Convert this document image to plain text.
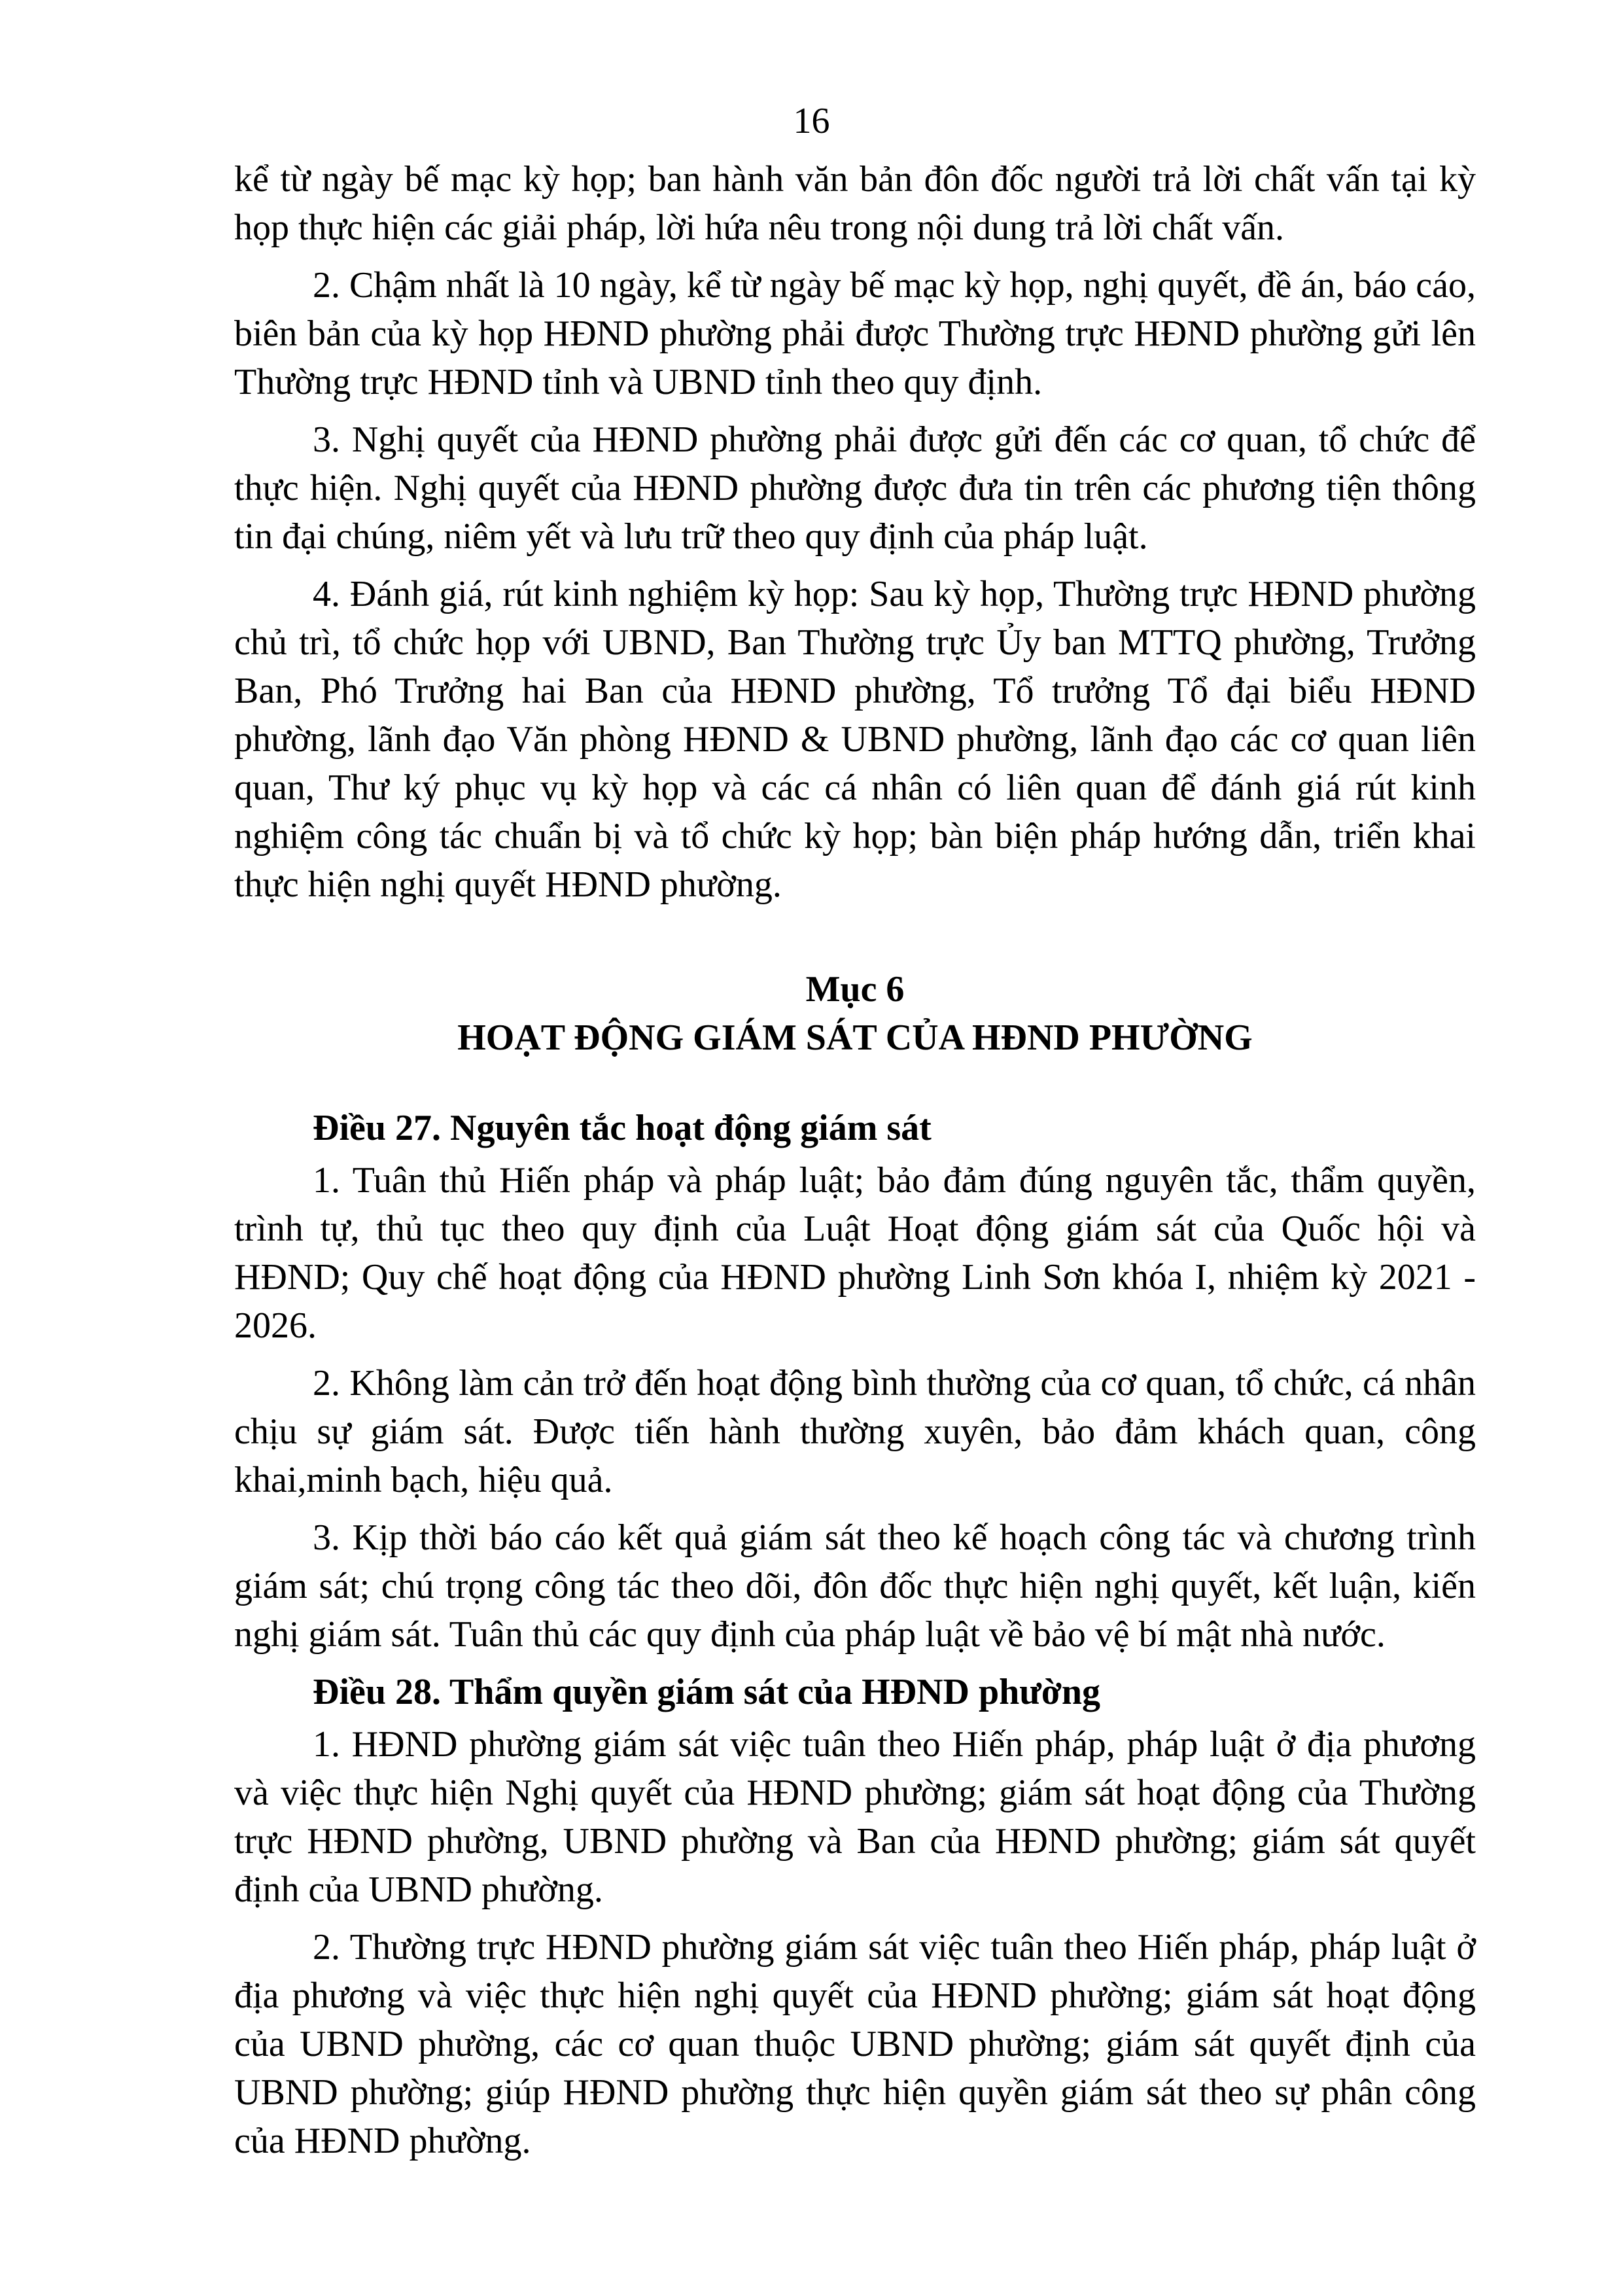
16

kể từ ngày bế mạc kỳ họp; ban hành văn bản đôn đốc người trả lời chất vấn tại kỳ họp thực hiện các giải pháp, lời hứa nêu trong nội dung trả lời chất vấn.

2. Chậm nhất là 10 ngày, kể từ ngày bế mạc kỳ họp, nghị quyết, đề án, báo cáo, biên bản của kỳ họp HĐND phường phải được Thường trực HĐND phường gửi lên Thường trực HĐND tỉnh và UBND tỉnh theo quy định.

3. Nghị quyết của HĐND phường phải được gửi đến các cơ quan, tổ chức để thực hiện. Nghị quyết của HĐND phường được đưa tin trên các phương tiện thông tin đại chúng, niêm yết và lưu trữ theo quy định của pháp luật.

4. Đánh giá, rút kinh nghiệm kỳ họp: Sau kỳ họp, Thường trực HĐND phường chủ trì, tổ chức họp với UBND, Ban Thường trực Ủy ban MTTQ phường, Trưởng Ban, Phó Trưởng hai Ban của HĐND phường, Tổ trưởng Tổ đại biểu HĐND phường, lãnh đạo Văn phòng HĐND & UBND phường, lãnh đạo các cơ quan liên quan, Thư ký phục vụ kỳ họp và các cá nhân có liên quan để đánh giá rút kinh nghiệm công tác chuẩn bị và tổ chức kỳ họp; bàn biện pháp hướng dẫn, triển khai thực hiện nghị quyết HĐND phường.

Mục 6

HOẠT ĐỘNG GIÁM SÁT CỦA HĐND PHƯỜNG

Điều 27. Nguyên tắc hoạt động giám sát

1. Tuân thủ Hiến pháp và pháp luật; bảo đảm đúng nguyên tắc, thẩm quyền, trình tự, thủ tục theo quy định của Luật Hoạt động giám sát của Quốc hội và HĐND; Quy chế hoạt động của HĐND phường Linh Sơn khóa I, nhiệm kỳ 2021 - 2026.

2. Không làm cản trở đến hoạt động bình thường của cơ quan, tổ chức, cá nhân chịu sự giám sát. Được tiến hành thường xuyên, bảo đảm khách quan, công khai,minh bạch, hiệu quả.

3. Kịp thời báo cáo kết quả giám sát theo kế hoạch công tác và chương trình giám sát; chú trọng công tác theo dõi, đôn đốc thực hiện nghị quyết, kết luận, kiến nghị giám sát. Tuân thủ các quy định của pháp luật về bảo vệ bí mật nhà nước.

Điều 28. Thẩm quyền giám sát của HĐND phường

1. HĐND phường giám sát việc tuân theo Hiến pháp, pháp luật ở địa phương và việc thực hiện Nghị quyết của HĐND phường; giám sát hoạt động của Thường trực HĐND phường, UBND phường và Ban của HĐND phường; giám sát quyết định của UBND phường.

2. Thường trực HĐND phường giám sát việc tuân theo Hiến pháp, pháp luật ở địa phương và việc thực hiện nghị quyết của HĐND phường; giám sát hoạt động của UBND phường, các cơ quan thuộc UBND phường; giám sát quyết định của UBND phường; giúp HĐND phường thực hiện quyền giám sát theo sự phân công của HĐND phường.
